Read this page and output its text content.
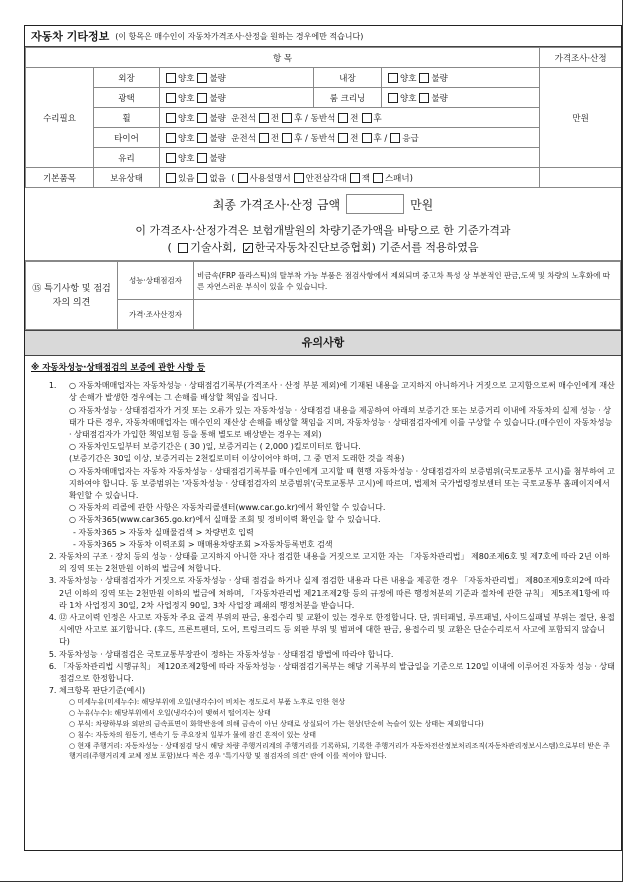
자동차 기타정보 (이 항목은 매수인이 자동차가격조사·산정을 원하는 경우에만 적습니다)
항 목					가격조사·산정
수리필요	외장	양호 불량	내장	양호 불량	만원
	광택	양호 불량	룸 크리닝	양호 불량	
	휠	양호 불량 운전석 전 후 / 동반석 전 후			
	타이어	양호 불량 운전석 전 후 / 동반석 전 후 / 응급			
	유리	양호 불량			
기본품목	보유상태	있음 없음  ( 사용설명서 안전삼각대 잭 스패너)			
최종 가격조사·산정 금액	만원
이 가격조사·산정가격은 보험개발원의 차량기준가액을 바탕으로 한 기준가격과
( 기술사회, ✓한국자동차진단보증협회) 기준서를 적용하였음
⑮ 특기사항 및 점검자의 의견	성능·상태점검자	비금속(FRP 플라스틱)의 탈부착 가능 부품은 점검사항에서 제외되며 중고차 특성 상 부분적인 판금,도색 및 차량의 노후화에 따른 자연스러운 부식이 있을 수 있습니다.
	가격·조사산정자	
유의사항
※ 자동차성능·상태점검의 보증에 관한 사항 등
○ 1. 자동차매매업자는 자동차성능 · 상태점검기록부(가격조사 · 산정 부분 제외)에 기재된 내용을 고지하지 아니하거나 거짓으로 고지함으로써 매수인에게 재산상 손해가 발생한 경우에는 그 손해를 배상할 책임을 집니다.
○ 자동차성능 · 상태점검자가 거짓 또는 오류가 있는 자동차성능 · 상태점검 내용을 제공하여 아래의 보증기간 또는 보증거리 이내에 자동차의 실제 성능 · 상태가 다른 경우, 자동차매매업자는 매수인의 재산상 손해를 배상할 책임을 지며, 자동차성능 · 상태점검자에게 이를 구상할 수 있습니다.(매수인이 자동차성능 · 상태점검자가 가입한 책임보험 등을 통해 별도로 배상받는 경우는 제외)
○ 자동차인도일부터 보증기간은 ( 30 )일, 보증거리는 ( 2,000 )킬로미터로 합니다.
(보증기간은 30일 이상, 보증거리는 2천킬로미터 이상이어야 하며, 그 중 먼저 도래한 것을 적용)
○ 자동차매매업자는 자동차 자동차성능 · 상태점검기록부를 매수인에게 고지할 때 현행 자동차성능 · 상태점검자의 보증범위(국토교통부 고시)를 첨부하여 고지하여야 합니다. 동 보증범위는 '자동차성능 · 상태점검자의 보증범위'(국토교통부 고시)에 따르며, 법제처 국가법령정보센터 또는 국토교통부 홈페이지에서 확인할 수 있습니다.
○ 자동차의 리콜에 관한 사항은 자동차리콜센터(www.car.go.kr)에서 확인할 수 있습니다.
○ 자동차365(www.car365.go.kr)에서 실매물 조회 및 정비이력 확인을 할 수 있습니다.
- 자동차365 > 자동차 실매물검색 > 차량번호 입력
- 자동차365 > 자동차 이력조회 > 매매용차량조회 >자동차등록번호 검색
2. 자동차의 구조 · 장치 등의 성능 · 상태를 고지하지 아니한 자나 점검한 내용을 거짓으로 고지한 자는 「자동차관리법」 제80조제6호 및 제7호에 따라 2년 이하의 징역 또는 2천만원 이하의 벌금에 처합니다.
3. 자동차성능 · 상태점검자가 거짓으로 자동차성능 · 상태 점검을 하거나 실제 점검한 내용과 다른 내용을 제공한 경우 「자동차관리법」 제80조제9호의2에 따라 2년 이하의 징역 또는 2천만원 이하의 벌금에 처하며, 「자동차관리법 제21조제2항 등의 규정에 따른 행정처분의 기준과 절차에 관한 규칙」 제5조제1항에 따라 1차 사업정지 30일, 2차 사업정지 90일, 3차 사업장 폐쇄의 행정처분을 받습니다.
4. ⑫ 사고이력 인정은 사고로 자동차 주요 골격 부위의 판금, 용접수리 및 교환이 있는 경우로 한정합니다. 단, 쿼터패널, 루프패널, 사이드실패널 부위는 절단, 용접 시에만 사고로 표기합니다. (후드, 프론트펜더, 도어, 트렁크리드 등 외판 부위 및 범퍼에 대한 판금, 용접수리 및 교환은 단순수리로서 사고에 포함되지 않습니다)
5. 자동차성능 · 상태점검은 국토교통부장관이 정하는 자동차성능 · 상태점검 방법에 따라야 합니다.
6. 「자동차관리법 시행규칙」 제120조제2항에 따라 자동차성능 · 상태점검기록부는 해당 기록부의 발급일을 기준으로 120일 이내에 이루어진 자동차 성능 · 상태점검으로 한정합니다.
7. 체크항목 판단기준(예시)
○ 미세누유(미세누수): 해당부위에 오일(냉각수)이 비치는 정도로서 부품 노후로 인한 현상
○ 누유(누수): 해당부위에서 오일(냉각수)이 맺혀서 떨어지는 상태
○ 부식: 차량하부와 외판의 금속표면이 화학반응에 의해 금속이 아닌 상태로 상실되어 가는 현상(단순히 녹슬어 있는 상태는 제외합니다)
○ 침수: 자동차의 원동기, 변속기 등 주요장치 일부가 물에 잠긴 흔적이 있는 상태
○ 현재 주행거리: 자동차성능 · 상태점검 당시 해당 차량 주행거리계의 주행거리를 기록하되, 기록한 주행거리가 자동차전산정보처리조직(자동차관리정보시스템)으로부터 받은 주행거리(주행거리계 교체 정보 포함)보다 적은 경우 '특기사항 및 점검자의 의견' 란에 이를 적어야 합니다.
